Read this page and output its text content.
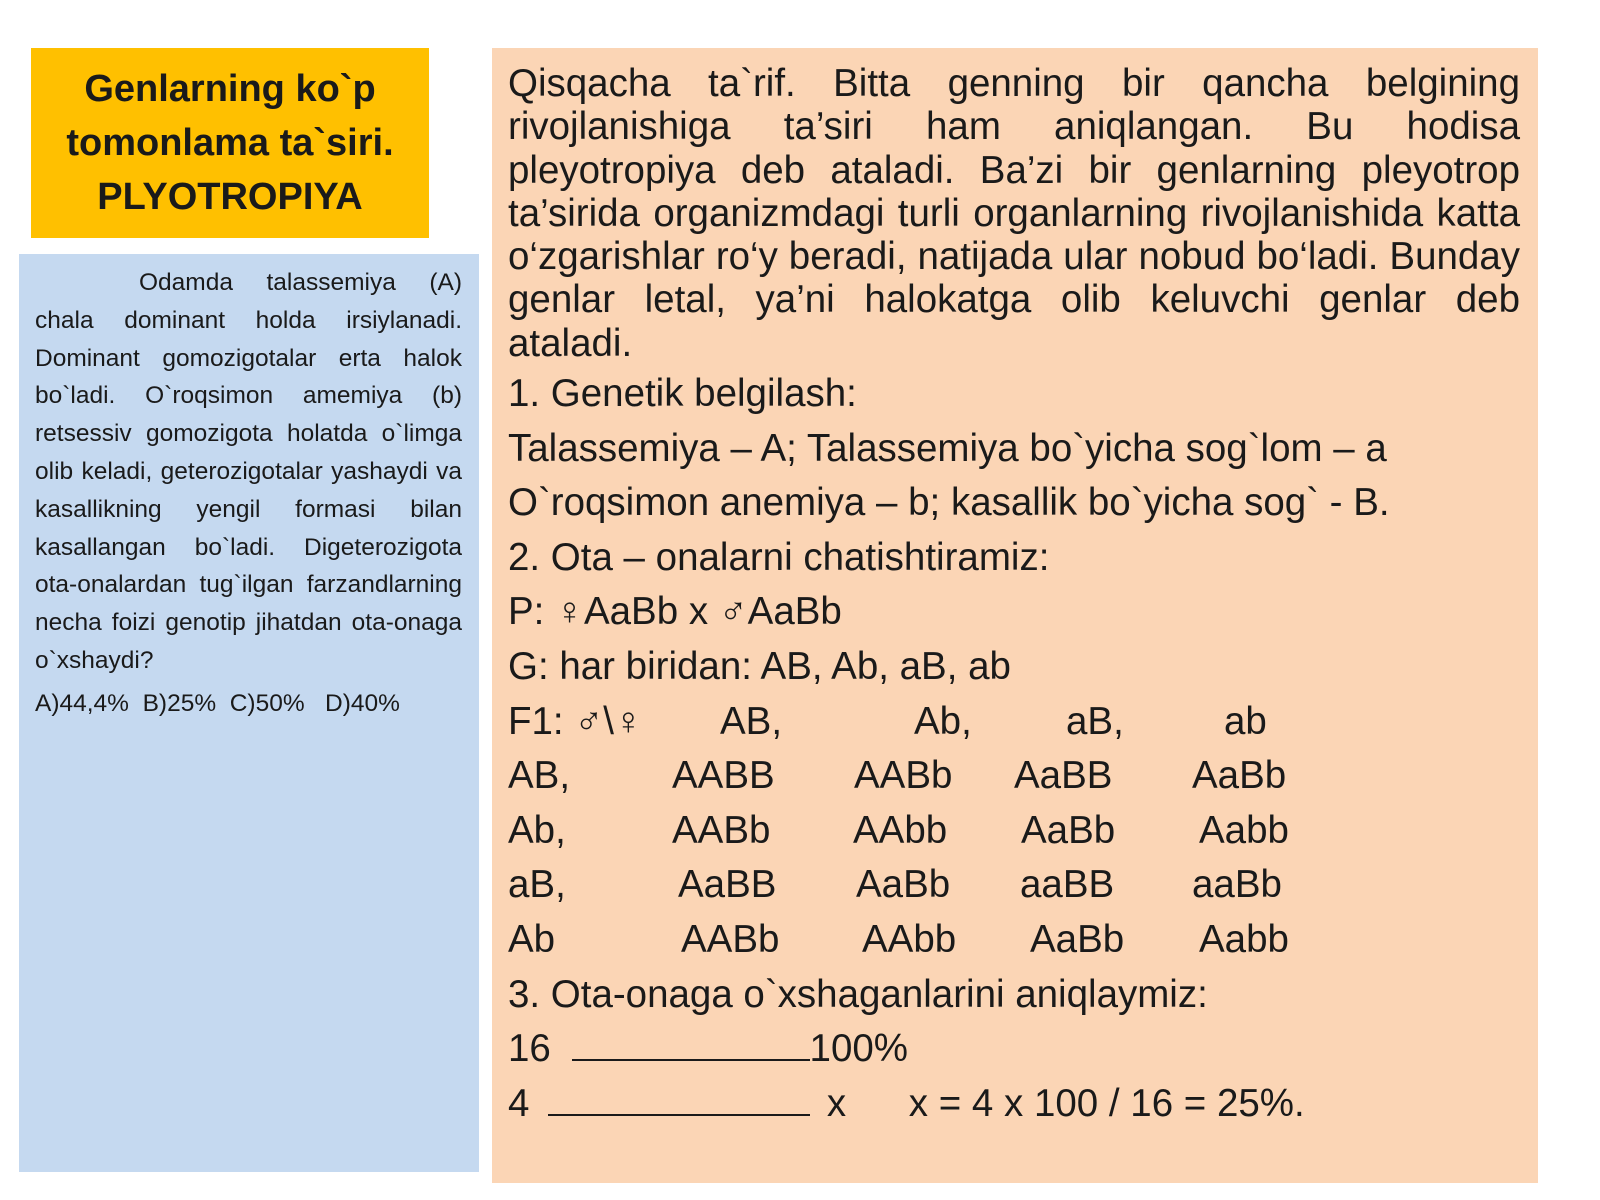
Genlarning ko`p
tomonlama ta`siri.
PLYOTROPIYA

Odamda talassemiya (A) chala dominant holda irsiylanadi. Dominant gomozigotalar erta halok bo`ladi. O`roqsimon amemiya (b) retsessiv gomozigota holatda o`limga olib keladi, geterozigotalar yashaydi va kasallikning yengil formasi bilan kasallangan bo`ladi. Digeterozigota ota-onalardan tug`ilgan farzandlarning necha foizi genotip jihatdan ota-onaga o`xshaydi?

A)44,4%  B)25%  C)50%   D)40%

Qisqacha ta`rif. Bitta genning bir qancha belgining rivojlanishiga ta’siri ham aniqlangan. Bu hodisa pleyotropiya deb ataladi. Ba’zi bir genlarning pleyotrop ta’sirida organizmdagi turli organlarning rivojlanishida katta o‘zgarishlar ro‘y beradi, natijada ular nobud bo‘ladi. Bunday genlar letal, ya’ni halokatga olib keluvchi genlar deb ataladi.

1. Genetik belgilash:
Talassemiya – A; Talassemiya bo`yicha sog`lom – a
O`roqsimon anemiya – b; kasallik bo`yicha sog` - B.
2. Ota – onalarni chatishtiramiz:
P: ♀AaBb x ♂AaBb
G: har biridan: AB, Ab, aB, ab
F1: ♂\♀ AB,	Ab, aB,	ab
AB,	AABB AABb AaBB AaBb
Ab,	AABb AAbb AaBb Aabb
aB,	AaBB AaBb aaBB aaBb
Ab	AABb AAbb AaBb Aabb
3. Ota-onaga o`xshaganlarini aniqlaymiz:
16	100%
4	x x = 4 x 100 / 16 = 25%.
